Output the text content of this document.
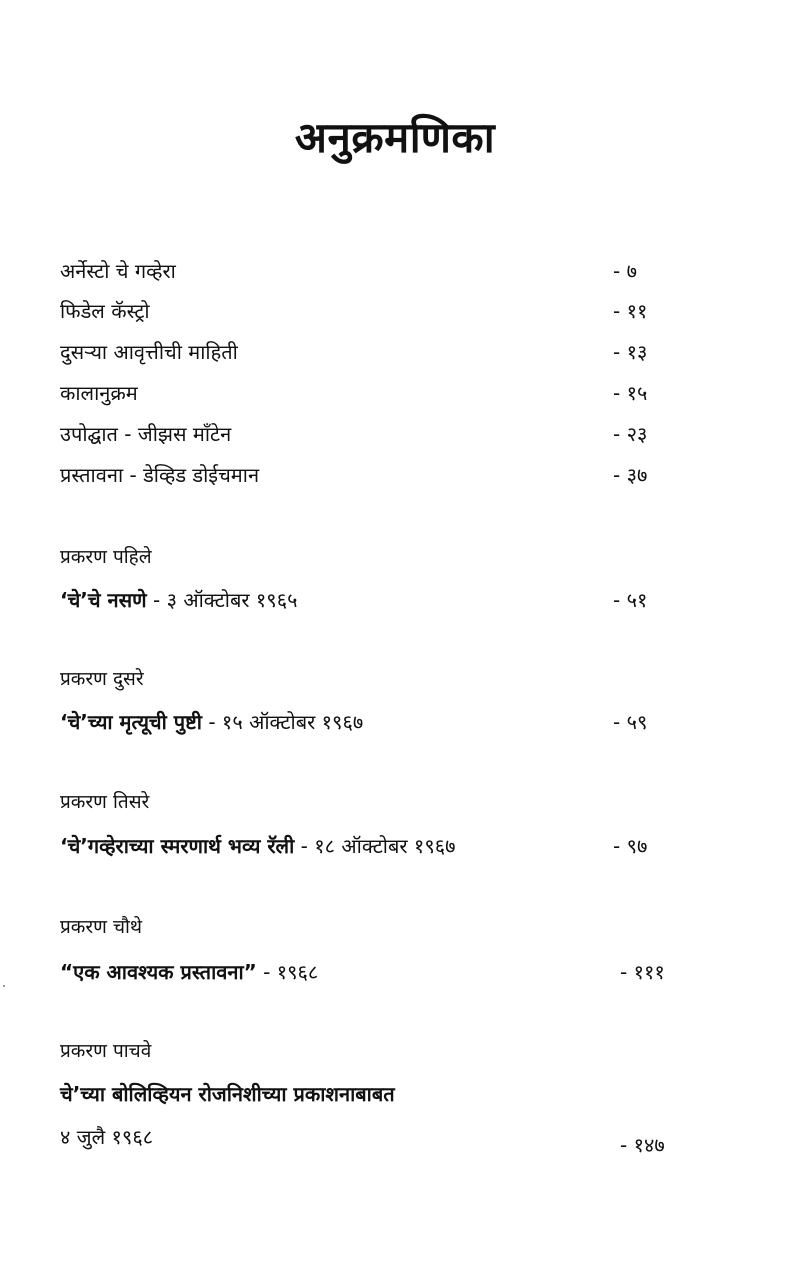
अनुक्रमणिका
अर्नेस्टो चे गव्हेरा	- ७
फिडेल कॅस्ट्रो	- ११
दुसऱ्या आवृत्तीची माहिती	- १३
कालानुक्रम	- १५
उपोद्घात - जीझस मॉंटेन	- २३
प्रस्तावना - डेव्हिड डोईचमान	- ३७
प्रकरण पहिले
‘चे’चे नसणे - ३ ऑक्टोबर १९६५	- ५१
प्रकरण दुसरे
‘चे’च्या मृत्यूची पुष्टी - १५ ऑक्टोबर १९६७	- ५९
प्रकरण तिसरे
‘चे’गव्हेराच्या स्मरणार्थ भव्य रॅली - १८ ऑक्टोबर १९६७	- ९७
प्रकरण चौथे
“एक आवश्यक प्रस्तावना” - १९६८	- १११
प्रकरण पाचवे
चे’च्या बोलिव्हियन रोजनिशीच्या प्रकाशनाबाबत
४ जुलै १९६८	- १४७
